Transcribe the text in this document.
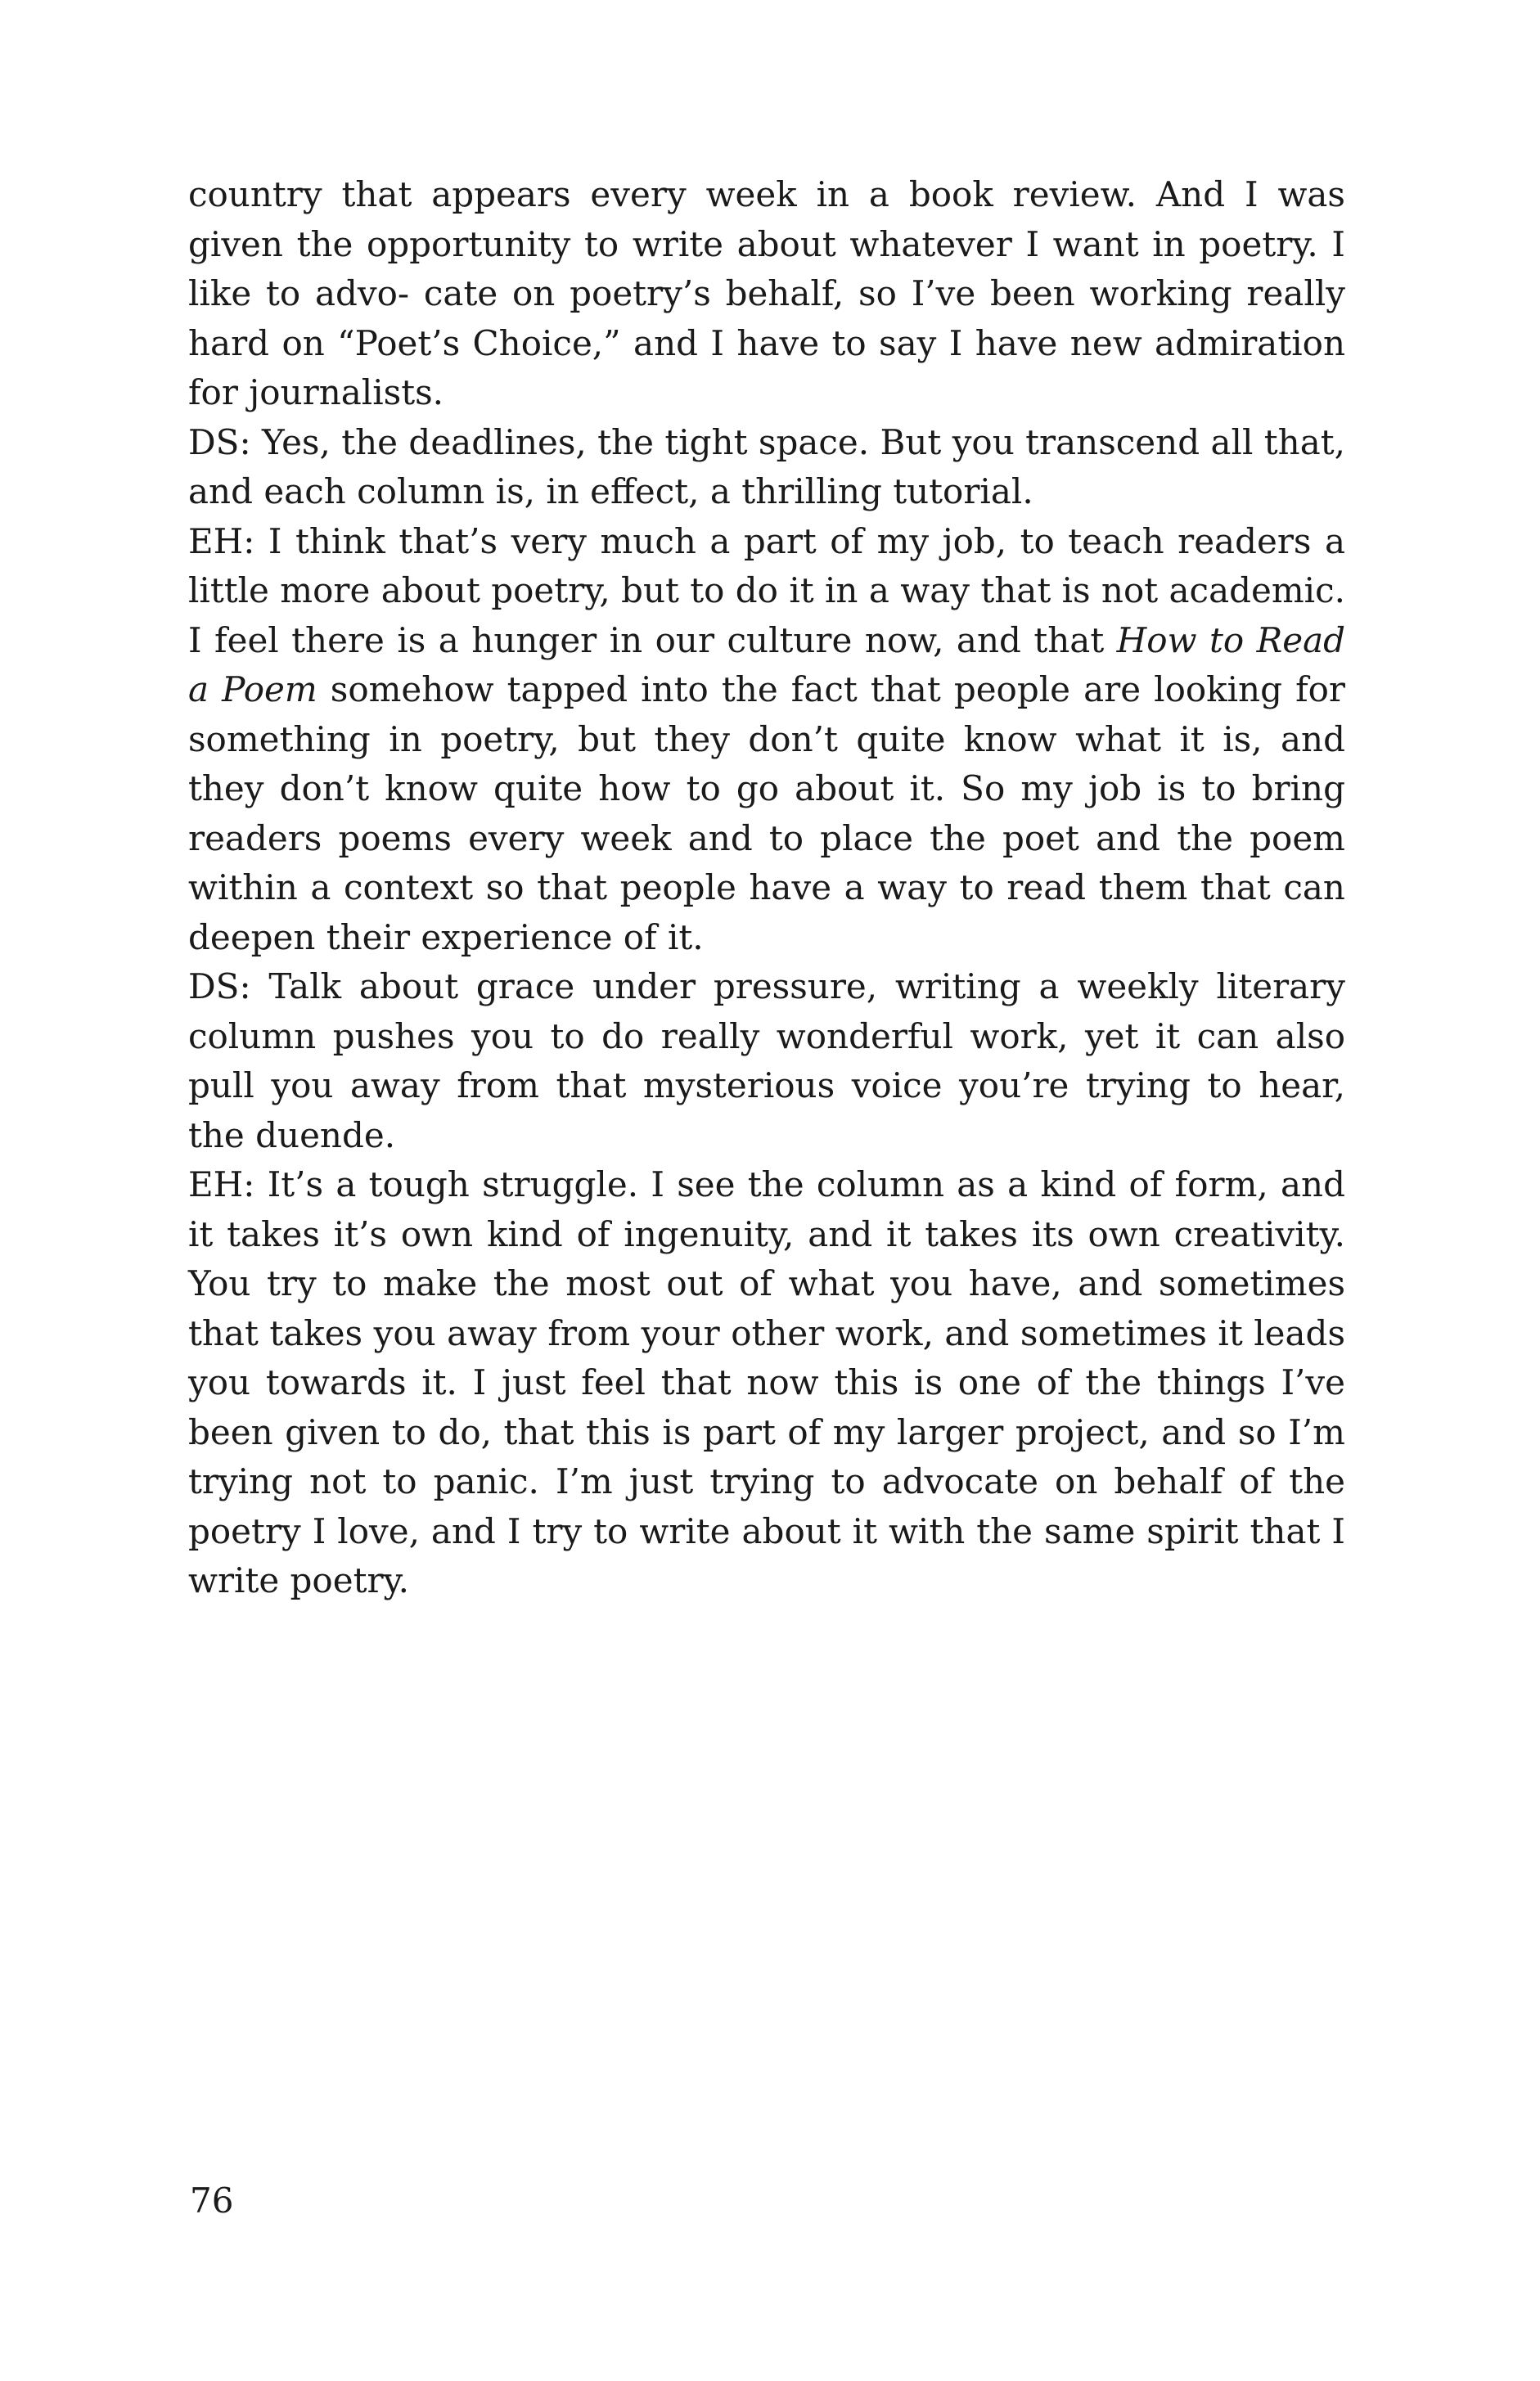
country that appears every week in a book review. And I was given the opportunity to write about whatever I want in poetry. I like to advo- cate on poetry’s behalf, so I’ve been working really hard on “Poet’s Choice,” and I have to say I have new admiration for journalists.

DS: Yes, the deadlines, the tight space. But you transcend all that, and each column is, in effect, a thrilling tutorial.

EH: I think that’s very much a part of my job, to teach readers a little more about poetry, but to do it in a way that is not academic. I feel there is a hunger in our culture now, and that How to Read a Poem somehow tapped into the fact that people are looking for something in poetry, but they don’t quite know what it is, and they don’t know quite how to go about it. So my job is to bring readers poems every week and to place the poet and the poem within a context so that people have a way to read them that can deepen their experience of it.

DS: Talk about grace under pressure, writing a weekly literary column pushes you to do really wonderful work, yet it can also pull you away from that mysterious voice you’re trying to hear, the duende.

EH: It’s a tough struggle. I see the column as a kind of form, and it takes it’s own kind of ingenuity, and it takes its own creativity. You try to make the most out of what you have, and sometimes that takes you away from your other work, and sometimes it leads you towards it. I just feel that now this is one of the things I’ve been given to do, that this is part of my larger project, and so I’m trying not to panic. I’m just trying to advocate on behalf of the poetry I love, and I try to write about it with the same spirit that I write poetry.

76
